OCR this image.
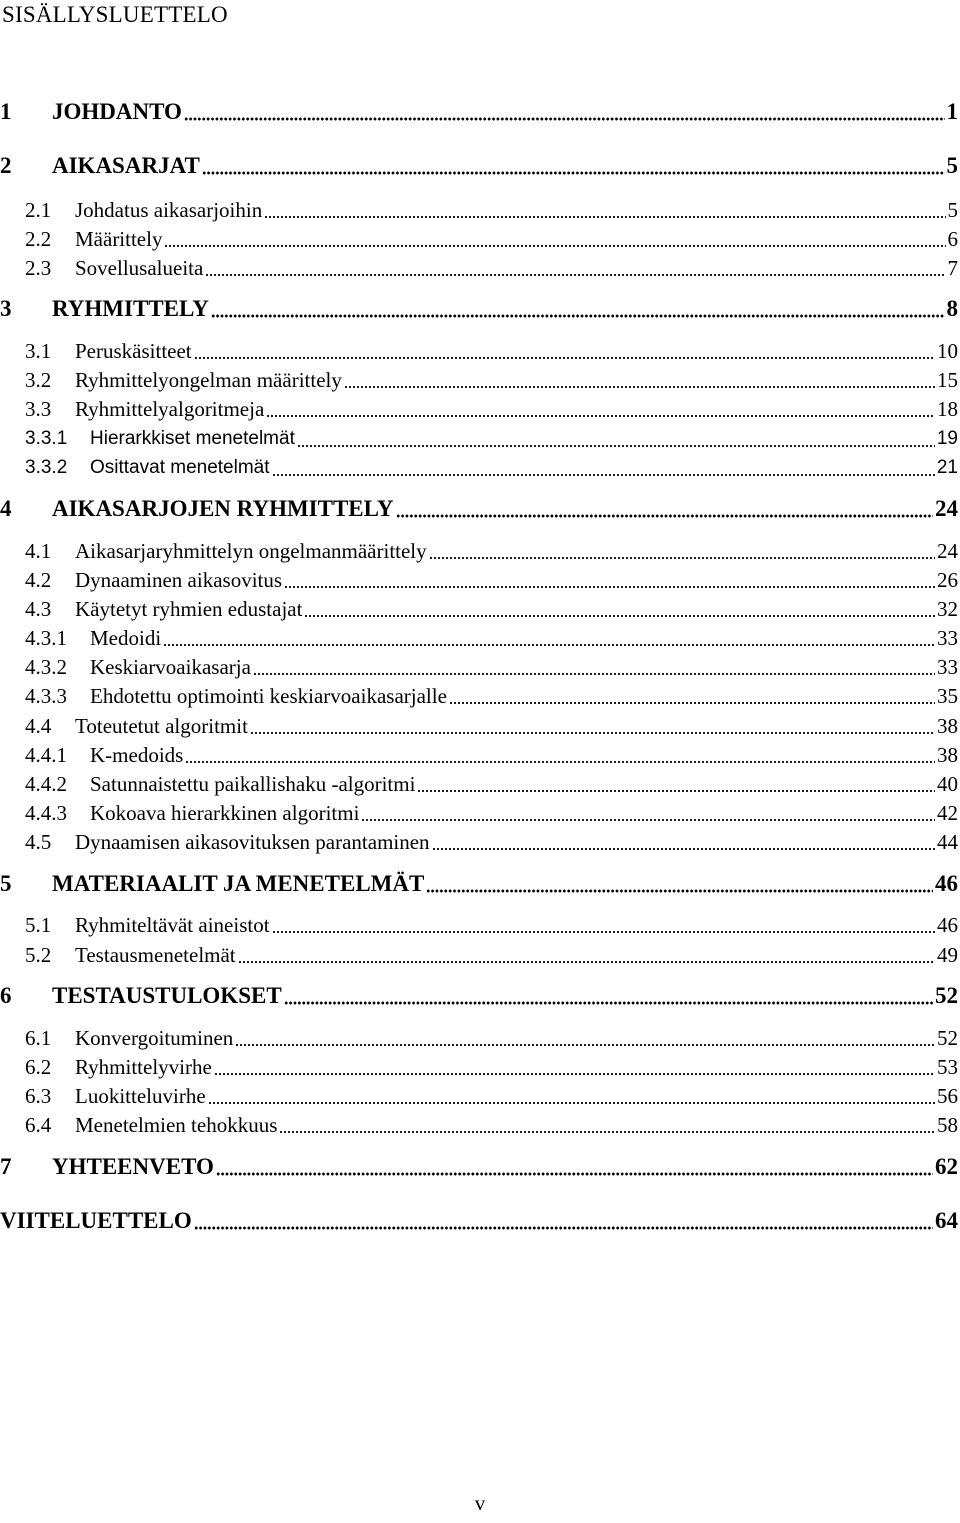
SISÄLLYSLUETTELO
1	JOHDANTO	1
2	AIKASARJAT	5
2.1	Johdatus aikasarjoihin	5
2.2	Määrittely	6
2.3	Sovellusalueita	7
3	RYHMITTELY	8
3.1	Peruskäsitteet	10
3.2	Ryhmittelyongelman määrittely	15
3.3	Ryhmittelyalgoritmeja	18
3.3.1	Hierarkkiset menetelmät	19
3.3.2	Osittavat menetelmät	21
4	AIKASARJOJEN RYHMITTELY	24
4.1	Aikasarjaryhmittelyn ongelmanmäärittely	24
4.2	Dynaaminen aikasovitus	26
4.3	Käytetyt ryhmien edustajat	32
4.3.1	Medoidi	33
4.3.2	Keskiarvoaikasarja	33
4.3.3	Ehdotettu optimointi keskiarvoaikasarjalle	35
4.4	Toteutetut algoritmit	38
4.4.1	K-medoids	38
4.4.2	Satunnaistettu paikallishaku -algoritmi	40
4.4.3	Kokoava hierarkkinen algoritmi	42
4.5	Dynaamisen aikasovituksen parantaminen	44
5	MATERIAALIT JA MENETELMÄT	46
5.1	Ryhmiteltävät aineistot	46
5.2	Testausmenetelmät	49
6	TESTAUSTULOKSET	52
6.1	Konvergoituminen	52
6.2	Ryhmittelyvirhe	53
6.3	Luokitteluvirhe	56
6.4	Menetelmien tehokkuus	58
7	YHTEENVETO	62
VIITELUETTELO	64
v
